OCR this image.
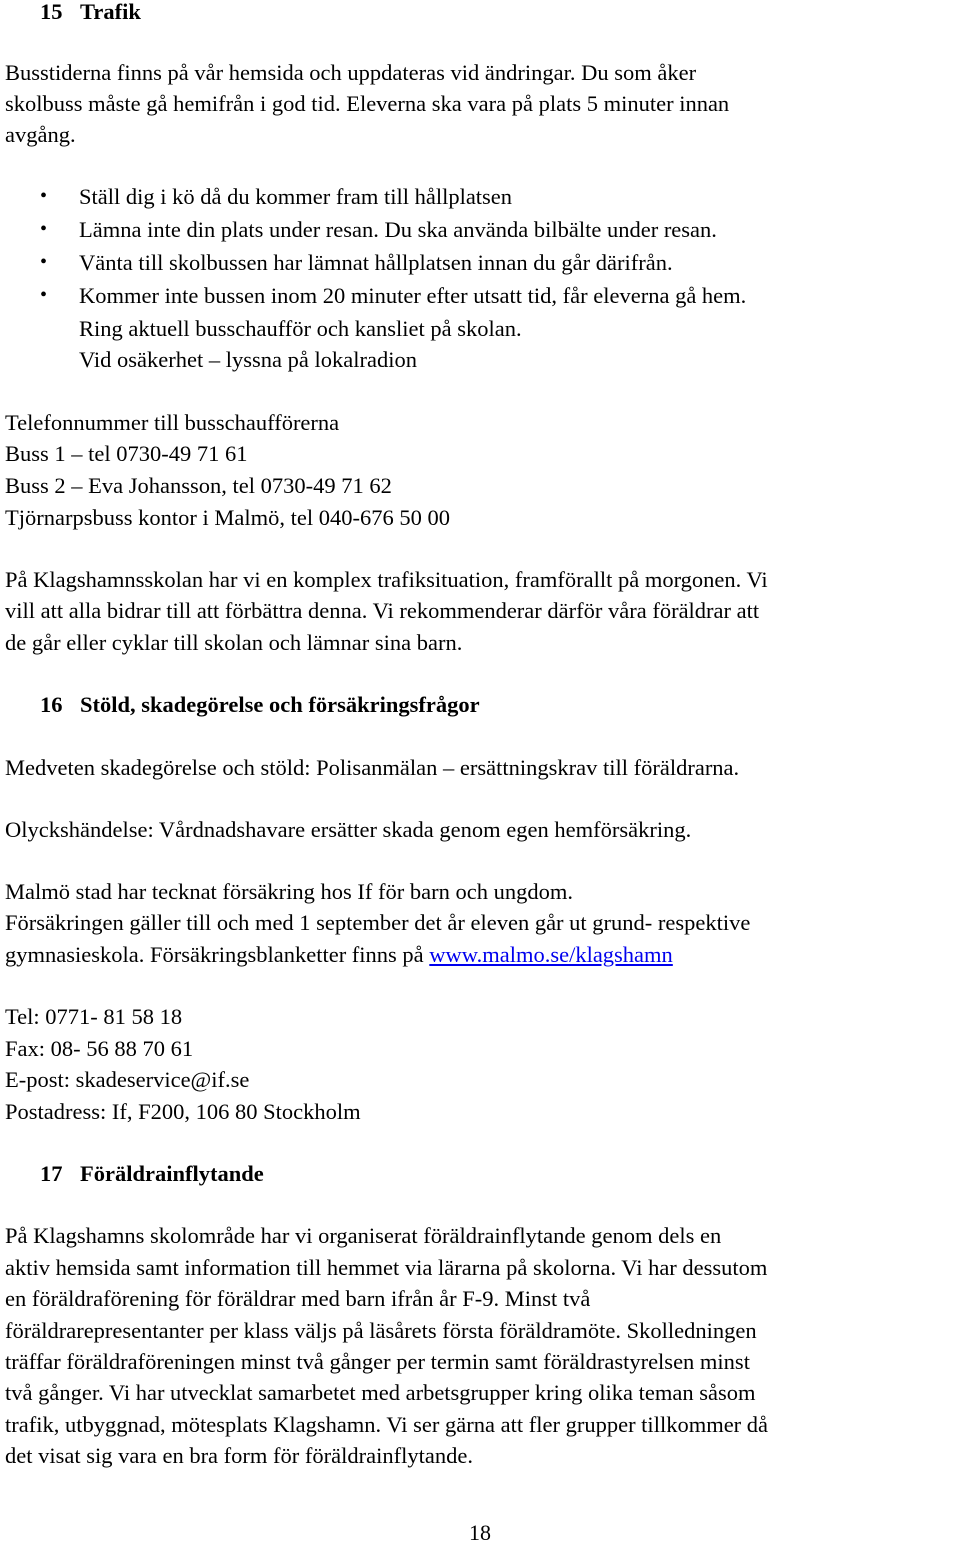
15 Trafik
Busstiderna finns på vår hemsida och uppdateras vid ändringar. Du som åker
skolbuss måste gå hemifrån i god tid. Eleverna ska vara på plats 5 minuter innan
avgång.
• Ställ dig i kö då du kommer fram till hållplatsen
• Lämna inte din plats under resan. Du ska använda bilbälte under resan.
• Vänta till skolbussen har lämnat hållplatsen innan du går därifrån.
• Kommer inte bussen inom 20 minuter efter utsatt tid, får eleverna gå hem.
Ring aktuell busschaufför och kansliet på skolan.
Vid osäkerhet – lyssna på lokalradion
Telefonnummer till busschaufförerna
Buss 1 – tel 0730-49 71 61
Buss 2 – Eva Johansson, tel 0730-49 71 62
Tjörnarpsbuss kontor i Malmö, tel 040-676 50 00
På Klagshamnsskolan har vi en komplex trafiksituation, framförallt på morgonen. Vi
vill att alla bidrar till att förbättra denna. Vi rekommenderar därför våra föräldrar att
de går eller cyklar till skolan och lämnar sina barn.
16 Stöld, skadegörelse och försäkringsfrågor
Medveten skadegörelse och stöld: Polisanmälan – ersättningskrav till föräldrarna.
Olyckshändelse: Vårdnadshavare ersätter skada genom egen hemförsäkring.
Malmö stad har tecknat försäkring hos If för barn och ungdom.
Försäkringen gäller till och med 1 september det år eleven går ut grund- respektive
gymnasieskola. Försäkringsblanketter finns på www.malmo.se/klagshamn
Tel: 0771- 81 58 18
Fax: 08- 56 88 70 61
E-post: skadeservice@if.se
Postadress: If, F200, 106 80 Stockholm
17 Föräldrainflytande
På Klagshamns skolområde har vi organiserat föräldrainflytande genom dels en
aktiv hemsida samt information till hemmet via lärarna på skolorna. Vi har dessutom
en föräldraförening för föräldrar med barn ifrån år F-9. Minst två
föräldrarepresentanter per klass väljs på läsårets första föräldramöte. Skolledningen
träffar föräldraföreningen minst två gånger per termin samt föräldrastyrelsen minst
två gånger. Vi har utvecklat samarbetet med arbetsgrupper kring olika teman såsom
trafik, utbyggnad, mötesplats Klagshamn. Vi ser gärna att fler grupper tillkommer då
det visat sig vara en bra form för föräldrainflytande.
18
